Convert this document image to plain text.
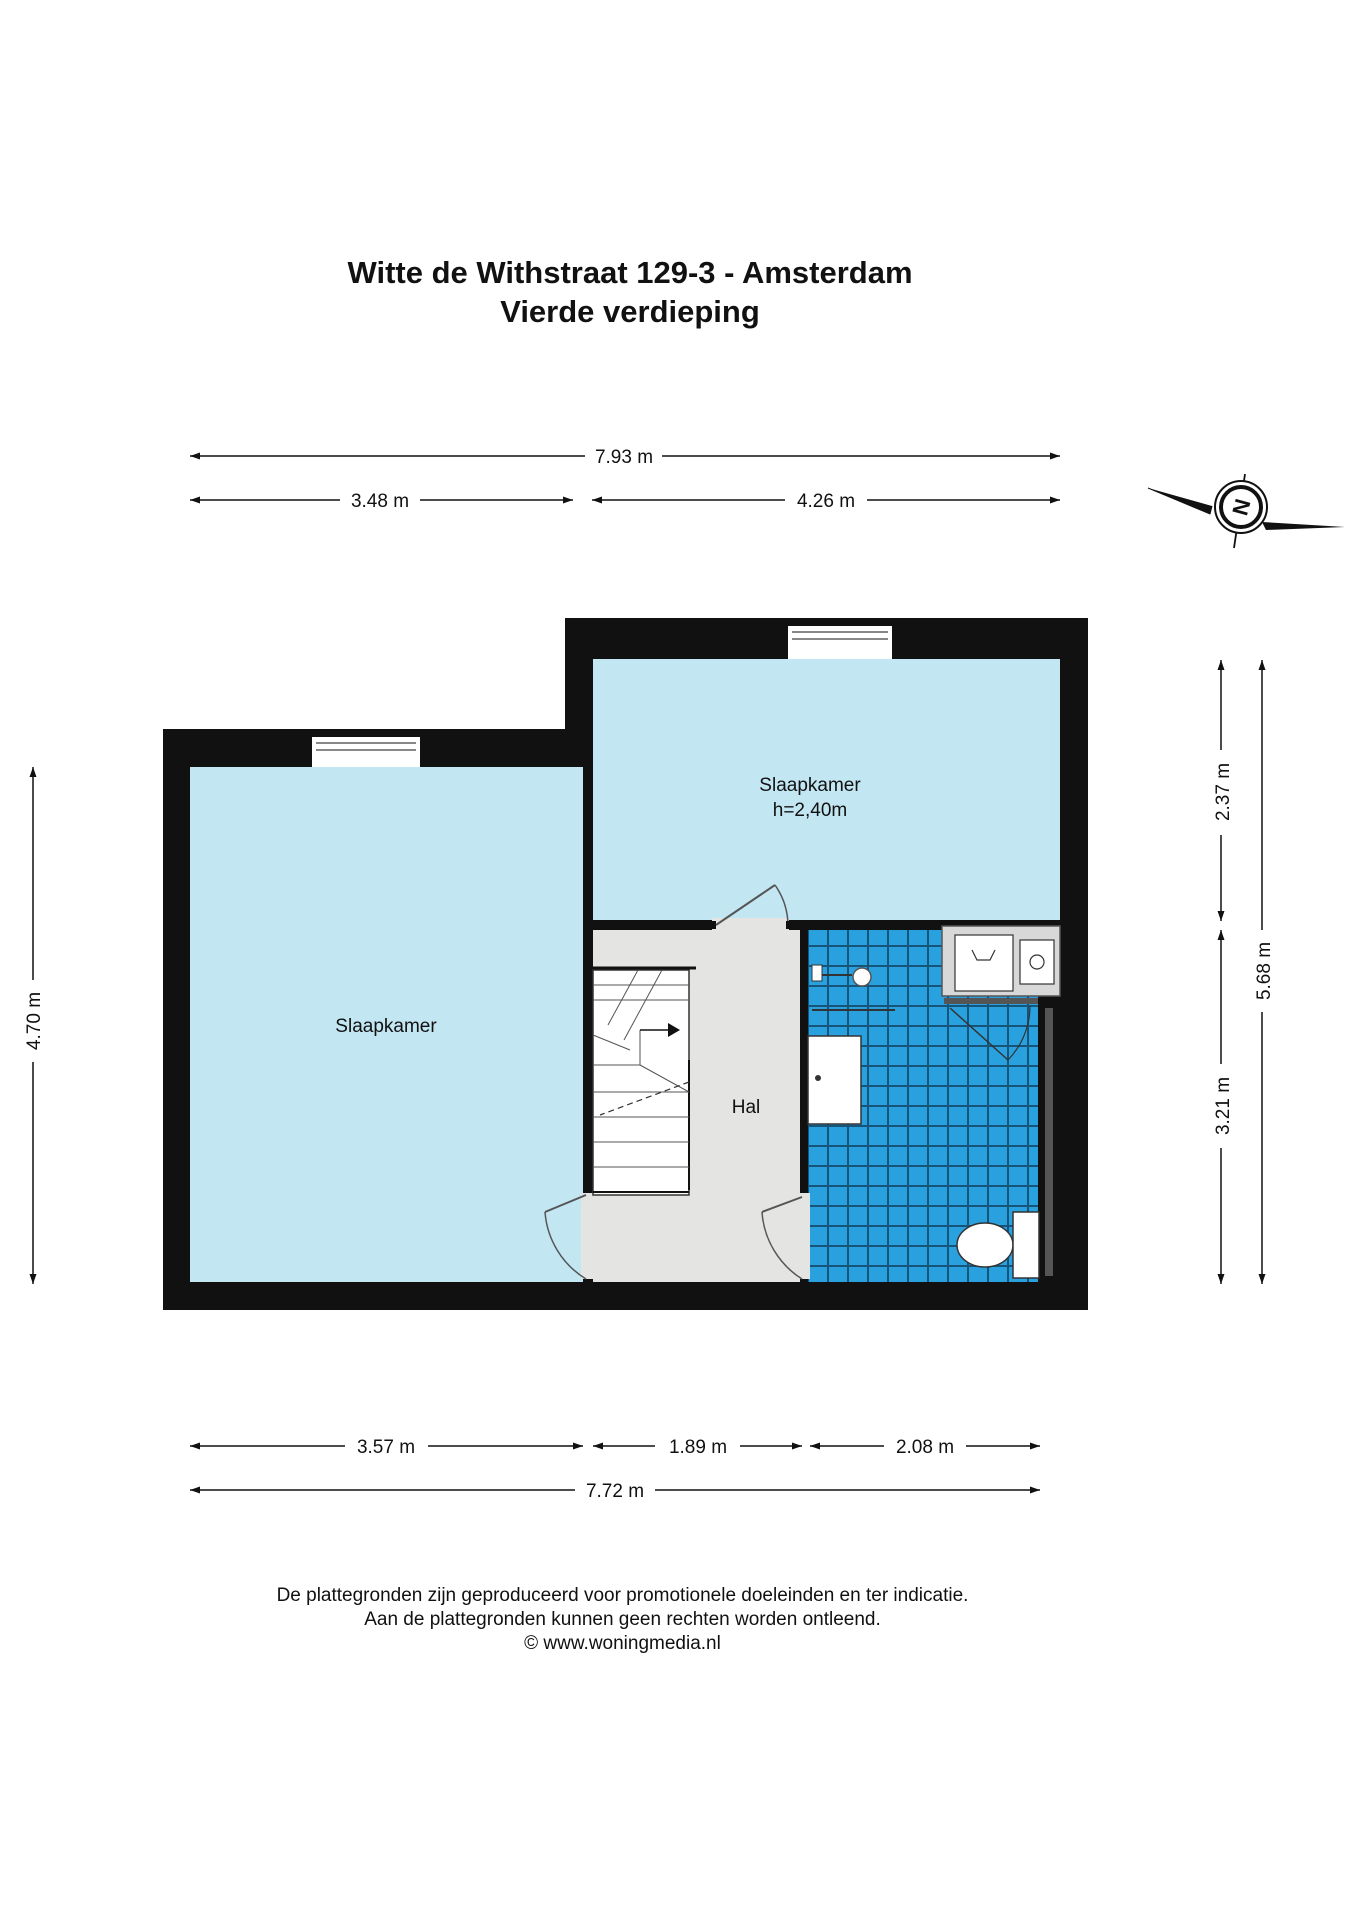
Witte de Withstraat 129-3 - Amsterdam
Vierde verdieping
7.93 m
3.48 m	4.26 m
4.70 m
2.37 m
3.21 m
5.68 m
3.57 m	1.89 m	2.08 m
7.72 m
N
Slaapkamer
Slaapkamer
h=2,40m
Hal
De plattegronden zijn geproduceerd voor promotionele doeleinden en ter indicatie.
Aan de plattegronden kunnen geen rechten worden ontleend.
© www.woningmedia.nl
